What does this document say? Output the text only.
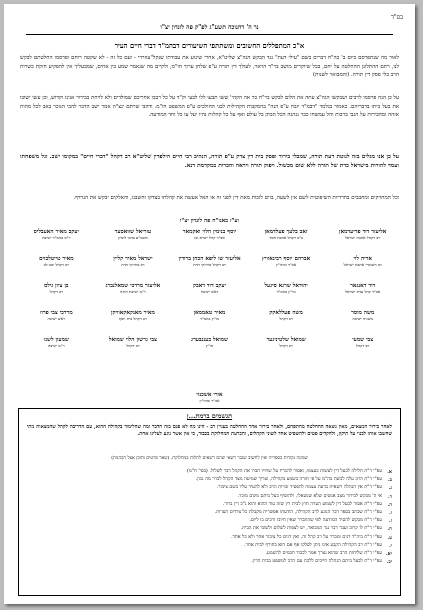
בס"ד
נר ה' דחנוכה תשע"ג לפ"ק פה לונדון יצ"ו
א"כ המתפללים החשובים ומשתתפי השיעורים דבהמ"ד דברי חיים העיר
לאור מה שנתפרסם ביום ב' בה"ח דברים בשם "עילי דעת" נגד הבקש הגה"צ שליט"א, אחרי שינוע את עבודתו שנקל"עוזרדי - ועם כל זה - לא שקטה רוחם ופרסמו החלטתם לבקש לנו, רתם ההתלונן ההחלטה על יחם, בכל שיוקרים מושב בר"ד הראוי, לעולך דין תורה ע"פ שלחן ערוך חו"מ, ולקיים מה שנאמר שמע בין אחים, שמבעליך אין להפקיע חזקת כשרות הרב בלי פסק דין תורה. (והמבואר לשנות)
על כן הנה פרסמו לרבים ושבקשו הגה"צ עתה את הלום לבקש בר"ח בר אה הקהי' ששו תבעו ללו לבעי וק"ד על כל רבבו אחריכם שמולדים ולא לויחת בבירור אנינו וקדוש, וכן עשו ישובו את בעל ביתו בדבריהם. כאמור בגלמד "דבמ"ד יזבח ע"פ הנה" בהסקבות הקהילות לבני ההולכים ע"פ המשפט חו"מ. ודהבי שרתם ינצ"ה אמר ישב הדבר להבי הנזכר באב לכל מהות אזהה ומהבירות על הגבי ברבות והל עמשחו כבר נגהגה הכל הבתן בל עולם ואף על כל קהלות נהיו יעל עו כל וחד המודעה.
על כן אנו מגלים בזה לנוטת דעת תורה, שמבלי בירור ופסק בית דין צדק ע"פ תורה, הנהיב רבי חיים הילפרין שליט"א רב דקהל "דברי חיים" במקומו ישב. ונל משפחתו ועמד להורות בישראל כדת של תורה ללא שום מכשול. ויפוק תורה ויראה והכרות במקדמת דנא.
וכל המחזיקים ומחבבים בחרדיות השיפוטית לשם אין לשעה, בוים לזכות מאת דין לפני זה או האל אעשה את קהלתו בצדקו וחשבנו, והאלקים יבקש את הנרדף.
וע"ז באנו"ח פה לונדון יצ"ו
אליעזר דוד פריעדמאן
רב דקהל אהבת ישראל
זאב בלעך פעלדמאן
ב"ב דקהל אהבת חסד
יוסף בנימין הלוי ואקמאר
אב"ד קהל ישרא וכו
עזריאל שוואסער
משמ"ע בדנזו לונדון
יעקב מאיר האעבליס
ר"מ בהמ"ד ישיבת
אריה לוי
רב דשומרי אהבת ישראל
אברהם יוסף רבינאוויץ
אב"ד ומוה"ץ
אליעזר שו ליפא הכהן ברודין
רב דקהל מחזיקי הדת
ישראל מאיר קליין
רב מחזיקי הדת
מאיר טייטלבוים
רב דקהל יטב לב
דוד דאנגאר
אב"ד קהל עדת ישראל
יהודאל שרגא סיגעל
מו"ץ בהמ"ד
יעקב דוד דאבק
ראש ישיבה
אליעזר מרדכי שמאלנברג
ר"מ ישיבת תורה
בן ציון גילס
רב דקהל
משה מוסר
משגיח ישיבת
משה פעללאקק
רב דקהל
מאיר טאממאן
מו"ץ בהמ"ד
מאיר מאנקאקאוויקן
רב דקהל בית יוסף
מרדכי צבי פרוז
ראש ישיבה
צבי שמעי
רב דקהל
שמואל שלטיניגער
רב דקהל
שמואל בעננבערג
מו"ץ
צבי גרשון הלוי שמואל
רב דקהל
שמעון לשנו
ר"מ ישיבה
אורי אשכנזי
אב"ד ומוה"ץ
תגשמים ברמת...ן
לאחר בירור המצאים, מאין נשאה ההחלטה מהתפחם, ולאחר בירור אחר ההחלטה בעניין רב - הינו מה לא פגם בזה הדבר ומה שהלימוד בקהילה ההוא, עם הדריבה לקהל שהמצאות מתי שחשבו אותו לבנוי על תיקון, ולהקדים פטים ולהשפיט אחד לשוני הקהלים, והכרעת המחלוקת בכבוד, כי אין אשר נוגע לעלינו אחת.
שמונה נקודות בספריה ואין לחשוב שגבר רשאי שהם רשאים לתלות במחלוקת. (שאר פרטים ותוכן אצל הכהנות)
א.
עפ"י ד"ת חלילה לבעל דין לעשות בעצמו, ואסור להכריז על שחייו חברו את הקהל דבר לשלול. (בסי' ח"מ)
ב.
עפ"י ד"ת הרב עלה לבשת בה"מ על פי תורה בשמע בקהילה, וצריך שמיעה מצד הקהל לברר מה נכון.
ג.
עפ"י ד"ת אין הנהלה רשאית בדעת עצמה להפסיד זכויות הרב ולא להעיד עליו בשם ציבור.
ד.
אי ה' מבקש לבירור מצב אנשים שלא שנשאלו, ולהוסיף בעל ביתם מקום מוכר.
ה.
עפ"י ד"ת אסור לבעל דין לשמוע הערה חוץ לבית דין שזה עוד ההוא והוא ג"כ דין ברור.
ו.
עפ"י ד"ת שכתב בספר דבר הנוגע לרב הקהילה, הודעתו אפשרית מקבלת כל צדדים הערות.
ז.
עפ"י ד"ת מבקש להסיר המודעה לפי שהתברר שאין חיובו ורבים בו ליום.
ח.
עפ"י ד"ת לו קרוב ועבר דבר נגד המבואר, יש לצפות לשלום ולשובי את הבית.
ט.
עפ"י ד"ת ביה"ד דנים ומברר על רב קהל זה, ואין דנים כל ציבור אחר ולא כל אחד.
י.
עפ"י ד"ת רב הקהילה הקבע אינו ניתן לסלקו אף אם הוא בחורף לבית אחר.
יא.
עפ"י ד"ת שליחות הרב שהוא נצרך אמר לכבוד חכמים להשמע.
יב.
עפ"י ד"ת לבעל ביתם הנהלה חייבים ללכת עם הרב למשפט בבית הדין.
